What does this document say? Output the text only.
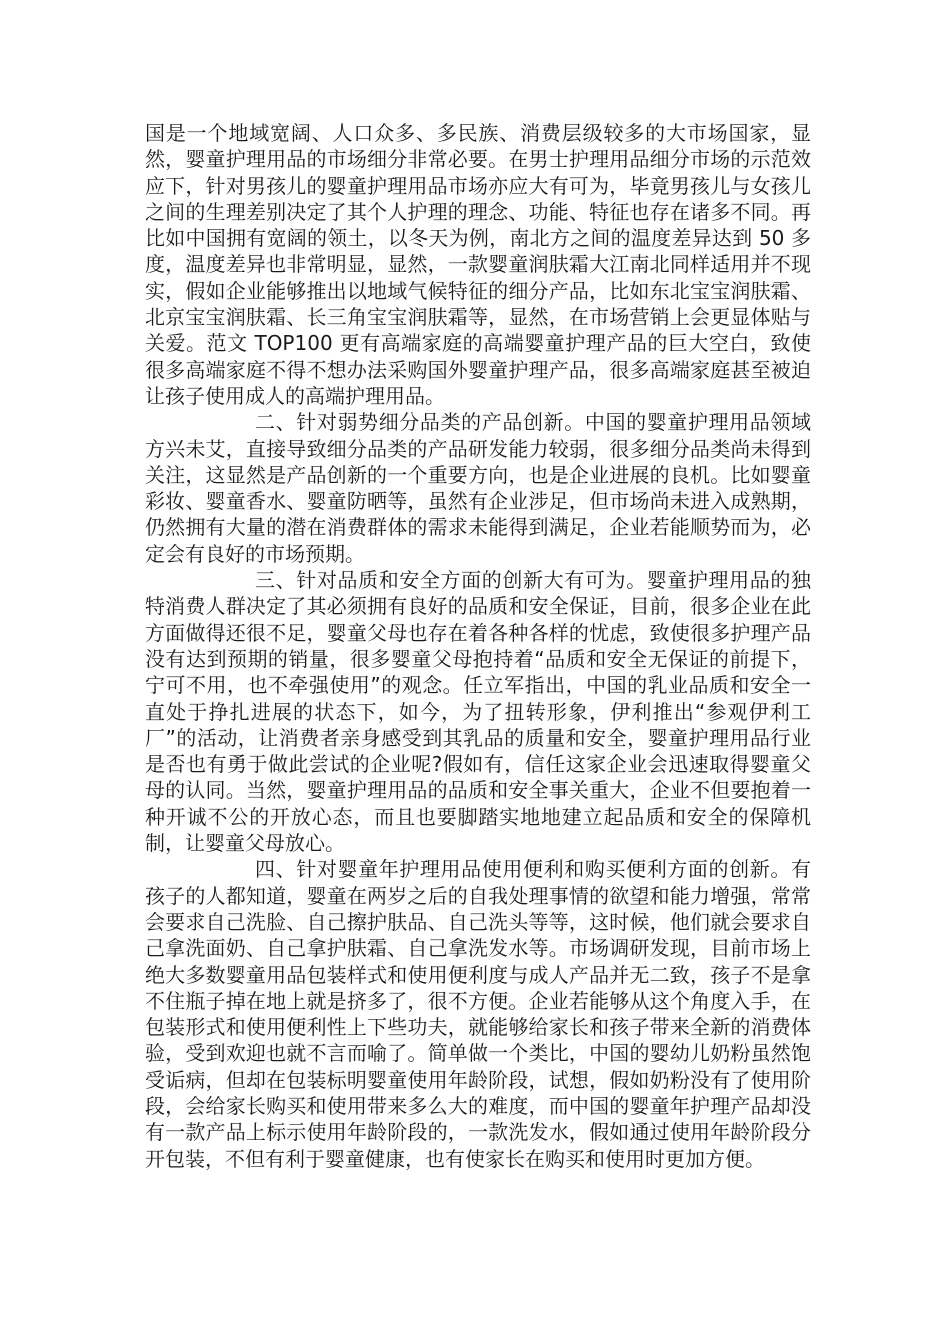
国是一个地域宽阔、人口众多、多民族、消费层级较多的大市场国家，显然，婴童护理用品的市场细分非常必要。在男士护理用品细分市场的示范效应下，针对男孩儿的婴童护理用品市场亦应大有可为，毕竟男孩儿与女孩儿之间的生理差别决定了其个人护理的理念、功能、特征也存在诸多不同。再比如中国拥有宽阔的领土，以冬天为例，南北方之间的温度差异达到 50 多度，温度差异也非常明显，显然，一款婴童润肤霜大江南北同样适用并不现实，假如企业能够推出以地域气候特征的细分产品，比如东北宝宝润肤霜、北京宝宝润肤霜、长三角宝宝润肤霜等，显然，在市场营销上会更显体贴与关爱。范文 TOP100 更有高端家庭的高端婴童护理产品的巨大空白，致使很多高端家庭不得不想办法采购国外婴童护理产品，很多高端家庭甚至被迫让孩子使用成人的高端护理用品。

二、针对弱势细分品类的产品创新。中国的婴童护理用品领域方兴未艾，直接导致细分品类的产品研发能力较弱，很多细分品类尚未得到关注，这显然是产品创新的一个重要方向，也是企业进展的良机。比如婴童彩妆、婴童香水、婴童防晒等，虽然有企业涉足，但市场尚未进入成熟期，仍然拥有大量的潜在消费群体的需求未能得到满足，企业若能顺势而为，必定会有良好的市场预期。

三、针对品质和安全方面的创新大有可为。婴童护理用品的独特消费人群决定了其必须拥有良好的品质和安全保证，目前，很多企业在此方面做得还很不足，婴童父母也存在着各种各样的忧虑，致使很多护理产品没有达到预期的销量，很多婴童父母抱持着“品质和安全无保证的前提下，宁可不用，也不牵强使用”的观念。任立军指出，中国的乳业品质和安全一直处于挣扎进展的状态下，如今，为了扭转形象，伊利推出“参观伊利工厂”的活动，让消费者亲身感受到其乳品的质量和安全，婴童护理用品行业是否也有勇于做此尝试的企业呢?假如有，信任这家企业会迅速取得婴童父母的认同。当然，婴童护理用品的品质和安全事关重大，企业不但要抱着一种开诚不公的开放心态，而且也要脚踏实地地建立起品质和安全的保障机制，让婴童父母放心。

四、针对婴童年护理用品使用便利和购买便利方面的创新。有孩子的人都知道，婴童在两岁之后的自我处理事情的欲望和能力增强，常常会要求自己洗脸、自己擦护肤品、自己洗头等等，这时候，他们就会要求自己拿洗面奶、自己拿护肤霜、自己拿洗发水等。市场调研发现，目前市场上绝大多数婴童用品包装样式和使用便利度与成人产品并无二致，孩子不是拿不住瓶子掉在地上就是挤多了，很不方便。企业若能够从这个角度入手，在包装形式和使用便利性上下些功夫，就能够给家长和孩子带来全新的消费体验，受到欢迎也就不言而喻了。简单做一个类比，中国的婴幼儿奶粉虽然饱受诟病，但却在包装标明婴童使用年龄阶段，试想，假如奶粉没有了使用阶段，会给家长购买和使用带来多么大的难度，而中国的婴童年护理产品却没有一款产品上标示使用年龄阶段的，一款洗发水，假如通过使用年龄阶段分开包装，不但有利于婴童健康，也有使家长在购买和使用时更加方便。
